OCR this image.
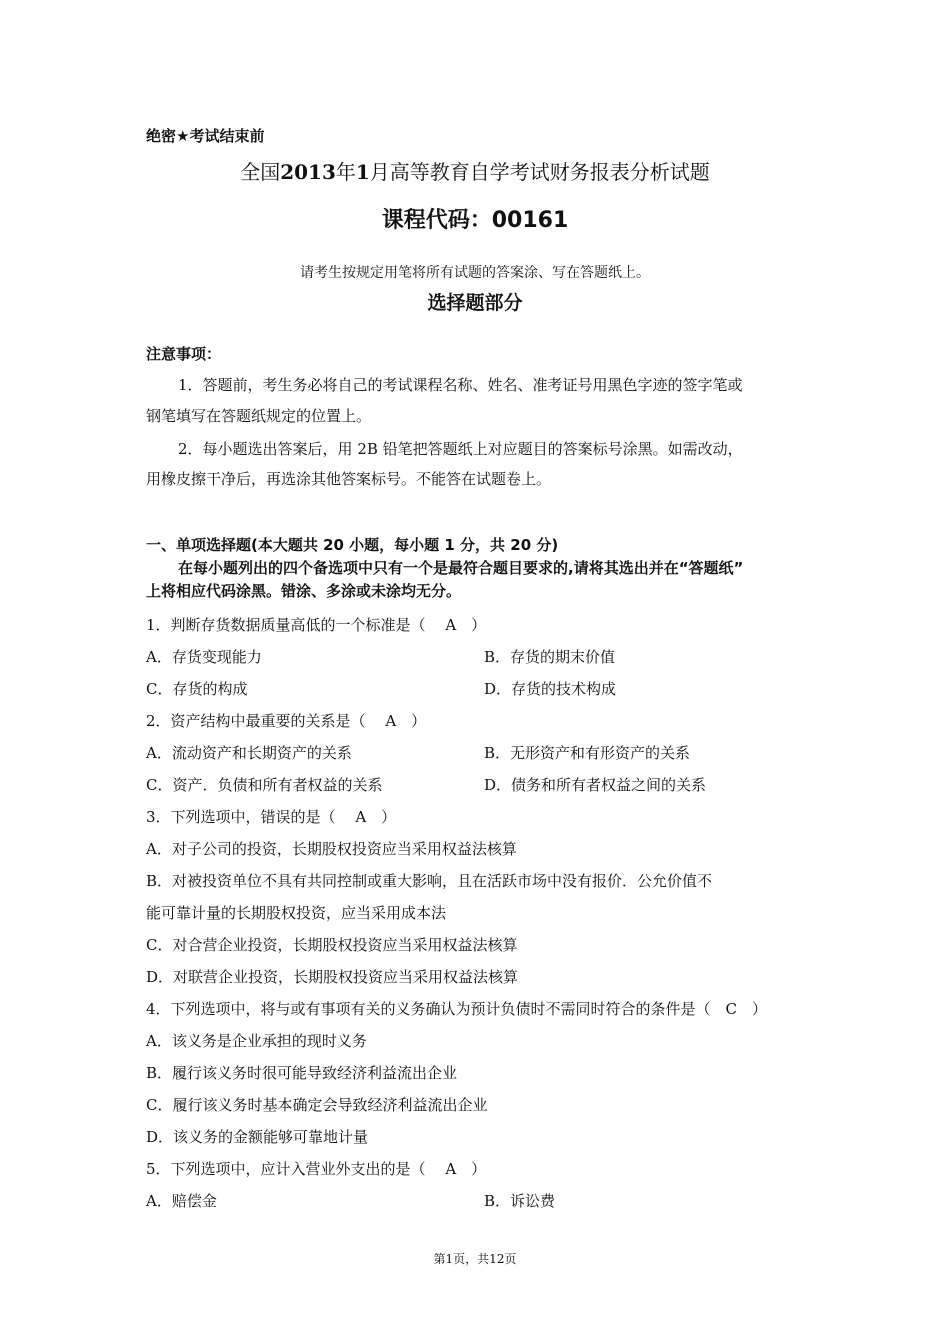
绝密★考试结束前
全国2013年1月高等教育自学考试财务报表分析试题
课程代码：00161
请考生按规定用笔将所有试题的答案涂、写在答题纸上。
选择题部分
注意事项：
1．答题前，考生务必将自己的考试课程名称、姓名、准考证号用黑色字迹的签字笔或
钢笔填写在答题纸规定的位置上。
2．每小题选出答案后，用 2B 铅笔把答题纸上对应题目的答案标号涂黑。如需改动，
用橡皮擦干净后，再选涂其他答案标号。不能答在试题卷上。
一、单项选择题(本大题共 20 小题，每小题 1 分，共 20 分)
在每小题列出的四个备选项中只有一个是最符合题目要求的,请将其选出并在“答题纸”
上将相应代码涂黑。错涂、多涂或未涂均无分。
1．判断存货数据质量高低的一个标准是（　 A　）
A．存货变现能力	B．存货的期末价值
C．存货的构成	D．存货的技术构成
2．资产结构中最重要的关系是（　 A　）
A．流动资产和长期资产的关系	B．无形资产和有形资产的关系
C．资产．负债和所有者权益的关系	D．债务和所有者权益之间的关系
3．下列选项中，错误的是（　 A　）
A．对子公司的投资，长期股权投资应当采用权益法核算
B．对被投资单位不具有共同控制或重大影响，且在活跃市场中没有报价．公允价值不
能可靠计量的长期股权投资，应当采用成本法
C．对合营企业投资，长期股权投资应当采用权益法核算
D．对联营企业投资，长期股权投资应当采用权益法核算
4．下列选项中，将与或有事项有关的义务确认为预计负债时不需同时符合的条件是（　C　）
A．该义务是企业承担的现时义务
B．履行该义务时很可能导致经济利益流出企业
C．履行该义务时基本确定会导致经济利益流出企业
D．该义务的金额能够可靠地计量
5．下列选项中，应计入营业外支出的是（　 A　）
A．赔偿金	B．诉讼费
第1页，共12页
